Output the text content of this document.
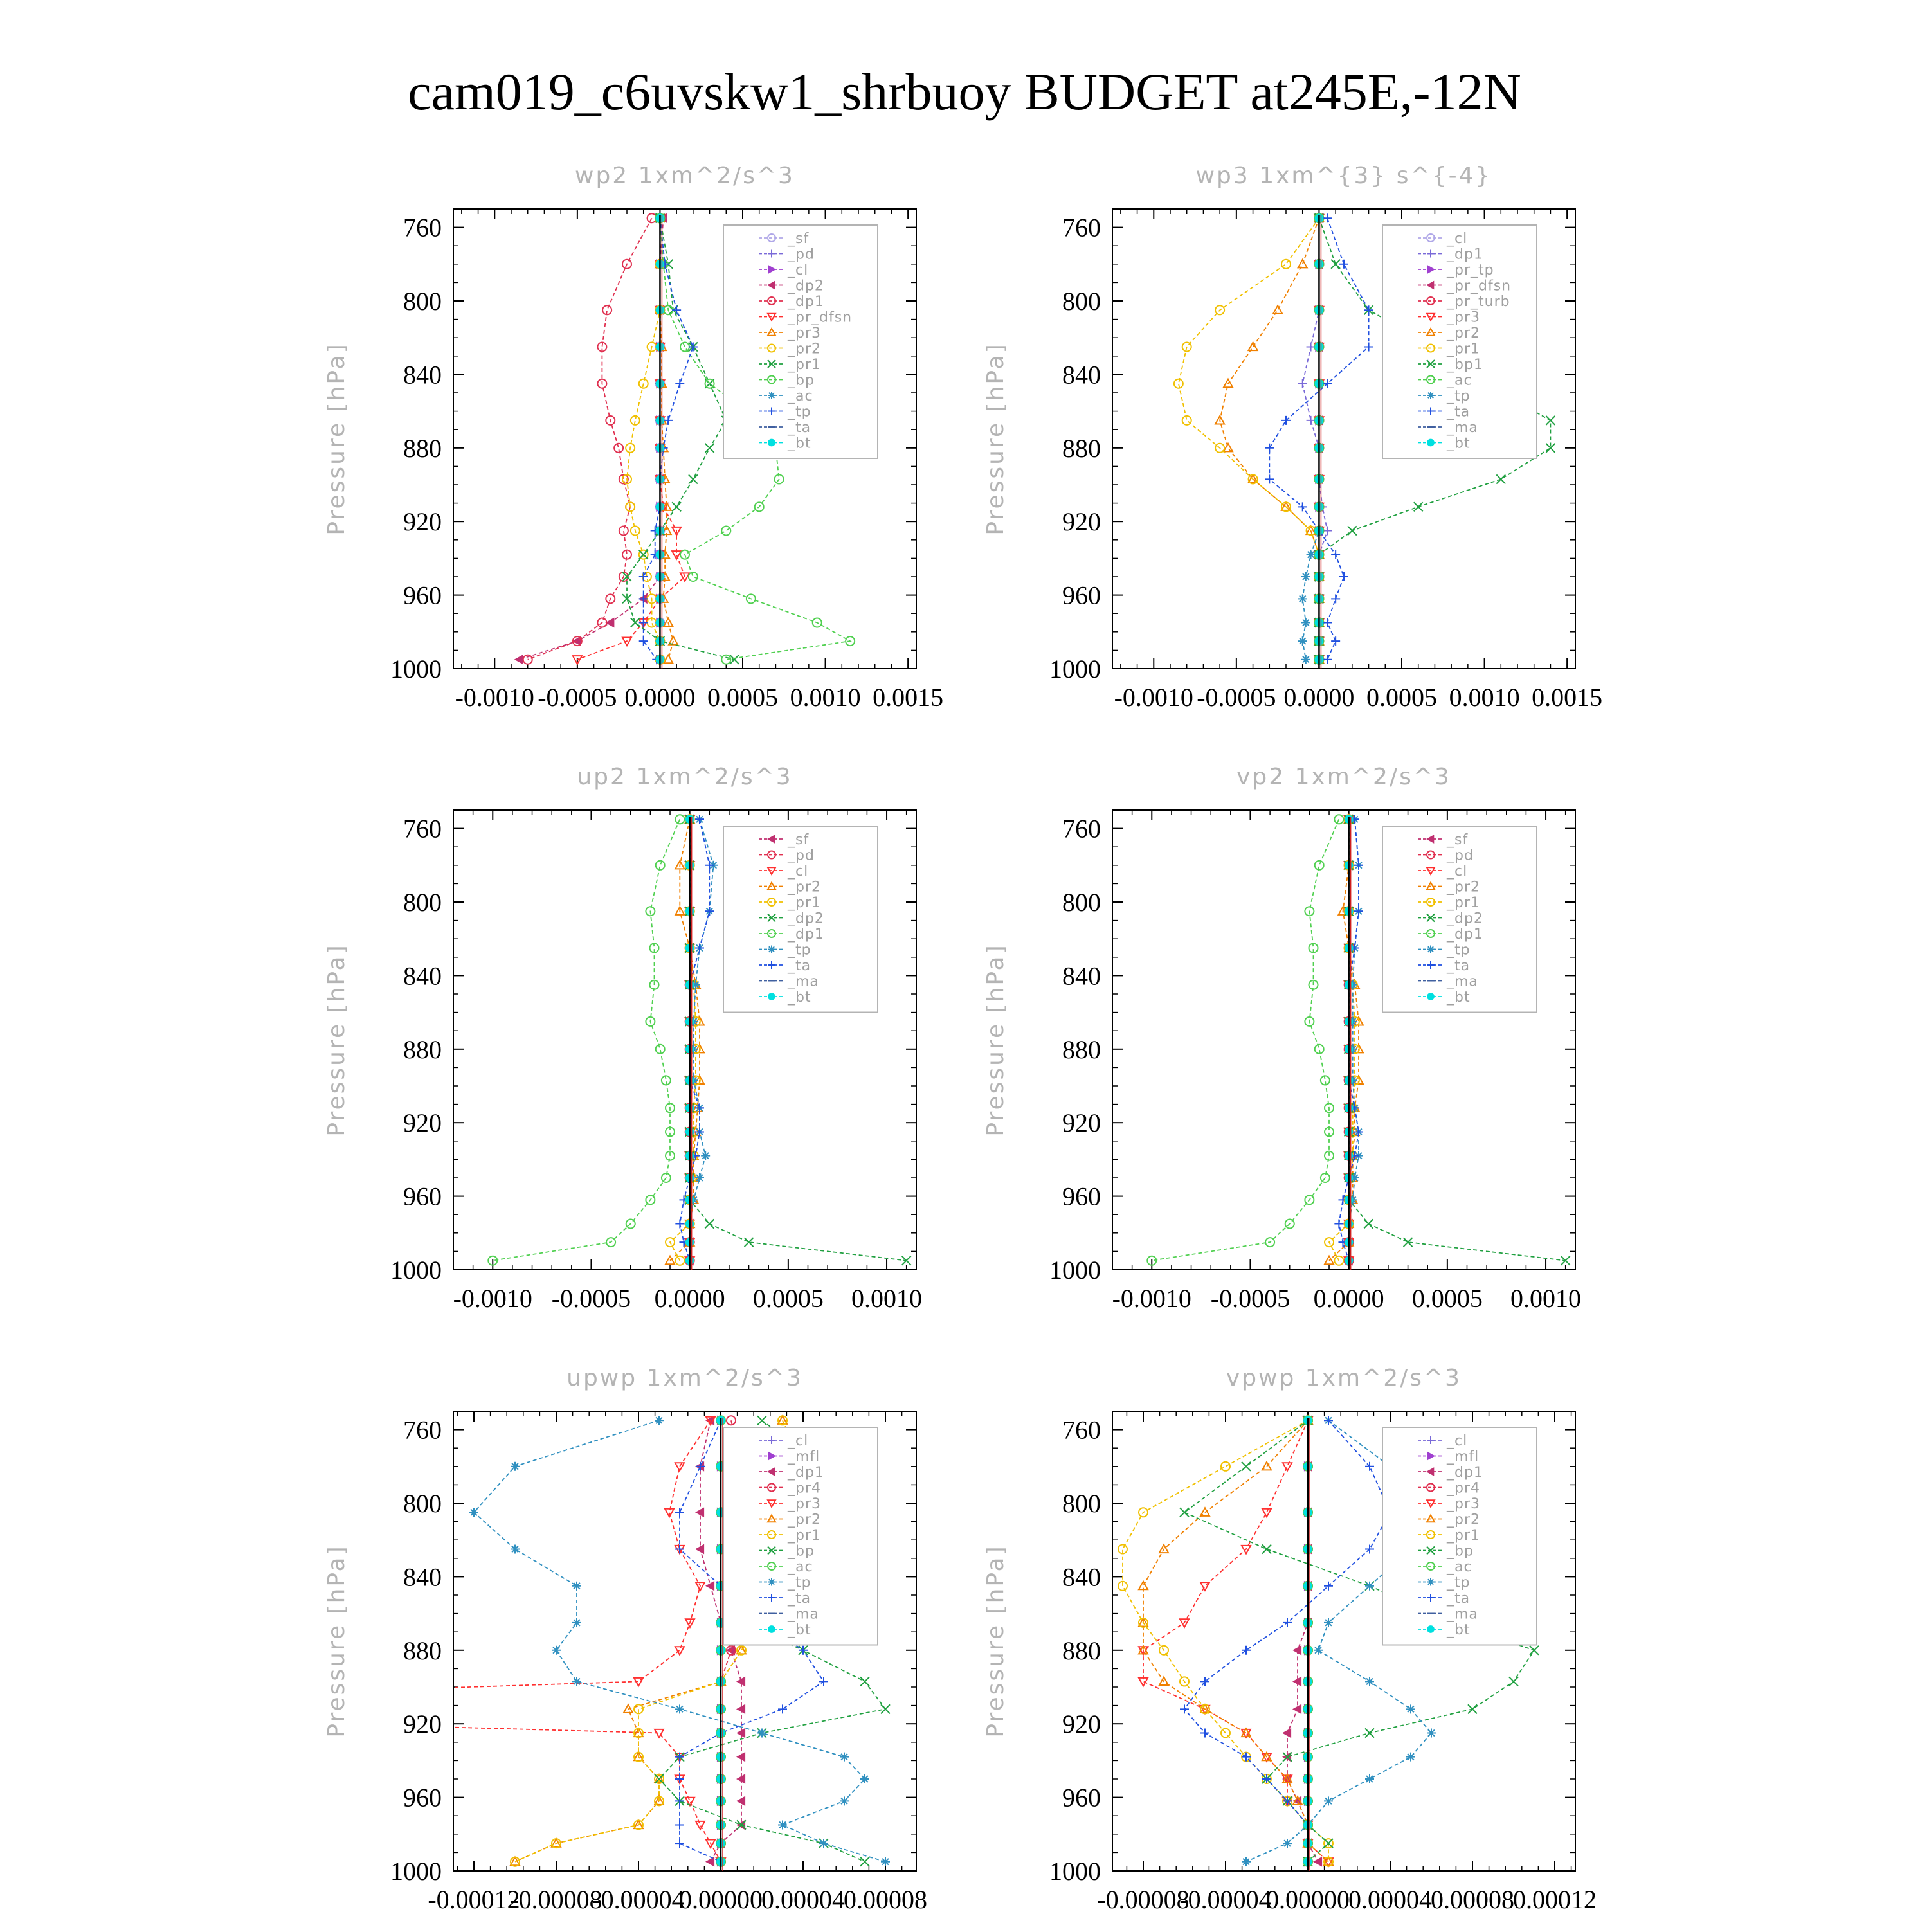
cam019_c6uvskw1_shrbuoy BUDGET at245E,-12N
wp2 1xm^2/s^3
Pressure [hPa]
-0.0010 -0.0005 0.0000 0.0005 0.0010 0.0015
760
800
840
880
920
960
1000
_sf
_pd
_cl
_dp2
_dp1
_pr_dfsn
_pr3
_pr2
_pr1
_bp
_ac
_tp
_ta
_bt
wp3 1xm^{3} s^{-4}
Pressure [hPa]
-0.0010 -0.0005 0.0000 0.0005 0.0010 0.0015
760
800
840
880
920
960
1000
_cl
_dp1
_pr_tp
_pr_dfsn
_pr_turb
_pr3
_pr2
_pr1
_bp1
_ac
_tp
_ta
_ma
_bt
up2 1xm^2/s^3
Pressure [hPa]
-0.0010 -0.0005 0.0000 0.0005 0.0010
760
800
840
880
920
960
1000
_sf
_pd
_cl
_pr2
_pr1
_dp2
_dp1
_tp
_ta
_ma
_bt
vp2 1xm^2/s^3
Pressure [hPa]
-0.0010 -0.0005 0.0000 0.0005 0.0010
760
800
840
880
920
960
1000
_sf
_pd
_cl
_pr2
_pr1
_dp2
_dp1
_tp
_ta
_ma
_bt
upwp 1xm^2/s^3
Pressure [hPa]
-0.00012
-0.00008
-0.00004
0.00000
0.00004
0.00008
760
800
840
880
920
960
1000
_cl
_mfl
_dp1
_pr4
_pr3
_pr2
_pr1
_bp
_ac
_tp
_ta
_ma
_bt
vpwp 1xm^2/s^3
Pressure [hPa]
-0.00008
-0.00004
0.00000
0.00004
0.00008
0.00012
760
800
840
880
920
960
1000
_cl
_mfl
_dp1
_pr4
_pr3
_pr2
_pr1
_bp
_ac
_tp
_ta
_ma
_bt
